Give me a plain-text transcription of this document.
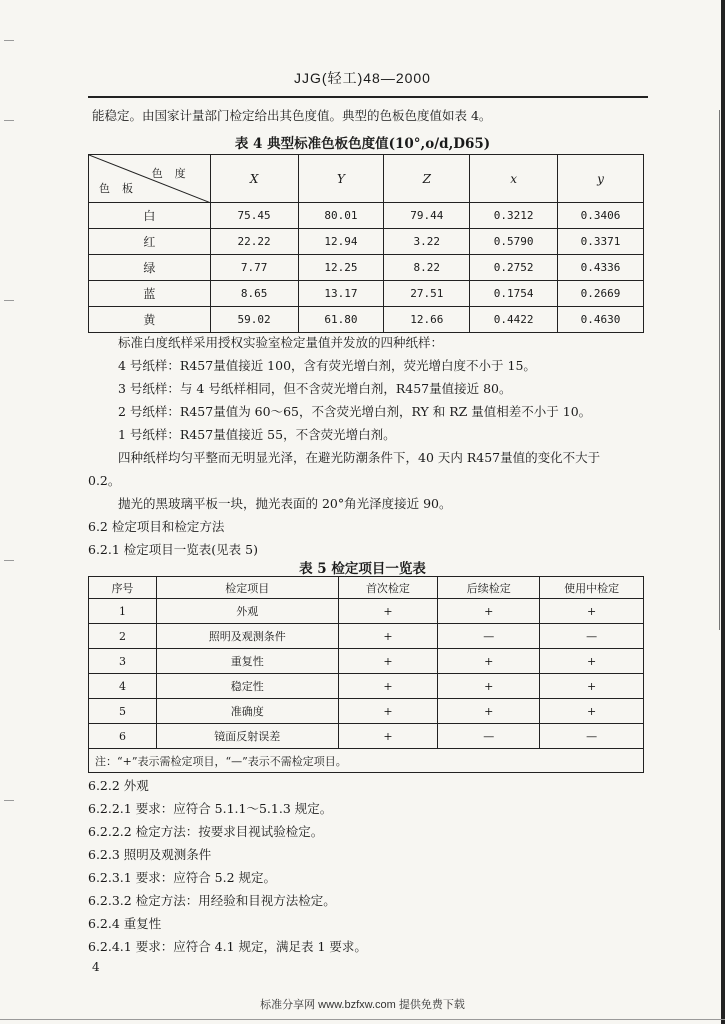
JJG(轻工)48—2000
能稳定。由国家计量部门检定给出其色度值。典型的色板色度值如表 4。
表 4 典型标准色板色度值(10°,o/d,D65)
色度
色板	X	Y	Z	x	y
白	75.45	80.01	79.44	0.3212	0.3406
红	22.22	12.94	3.22	0.5790	0.3371
绿	7.77	12.25	8.22	0.2752	0.4336
蓝	8.65	13.17	27.51	0.1754	0.2669
黄	59.02	61.80	12.66	0.4422	0.4630
标准白度纸样采用授权实验室检定量值并发放的四种纸样：
4 号纸样：R457量值接近 100，含有荧光增白剂，荧光增白度不小于 15。
3 号纸样：与 4 号纸样相同，但不含荧光增白剂，R457量值接近 80。
2 号纸样：R457量值为 60～65，不含荧光增白剂，RY 和 RZ 量值相差不小于 10。
1 号纸样：R457量值接近 55，不含荧光增白剂。
四种纸样均匀平整而无明显光泽，在避光防潮条件下，40 天内 R457量值的变化不大于
0.2。
抛光的黑玻璃平板一块，抛光表面的 20°角光泽度接近 90。
6.2 检定项目和检定方法
6.2.1 检定项目一览表(见表 5)
表 5 检定项目一览表
序号	检定项目	首次检定	后续检定	使用中检定
1	外观	+	+	+
2	照明及观测条件	+	—	—
3	重复性	+	+	+
4	稳定性	+	+	+
5	准确度	+	+	+
6	镜面反射误差	+	—	—
注：“+”表示需检定项目，“—”表示不需检定项目。				
6.2.2 外观
6.2.2.1 要求：应符合 5.1.1～5.1.3 规定。
6.2.2.2 检定方法：按要求目视试验检定。
6.2.3 照明及观测条件
6.2.3.1 要求：应符合 5.2 规定。
6.2.3.2 检定方法：用经验和目视方法检定。
6.2.4 重复性
6.2.4.1 要求：应符合 4.1 规定，满足表 1 要求。
4
标准分享网 www.bzfxw.com 提供免费下载
